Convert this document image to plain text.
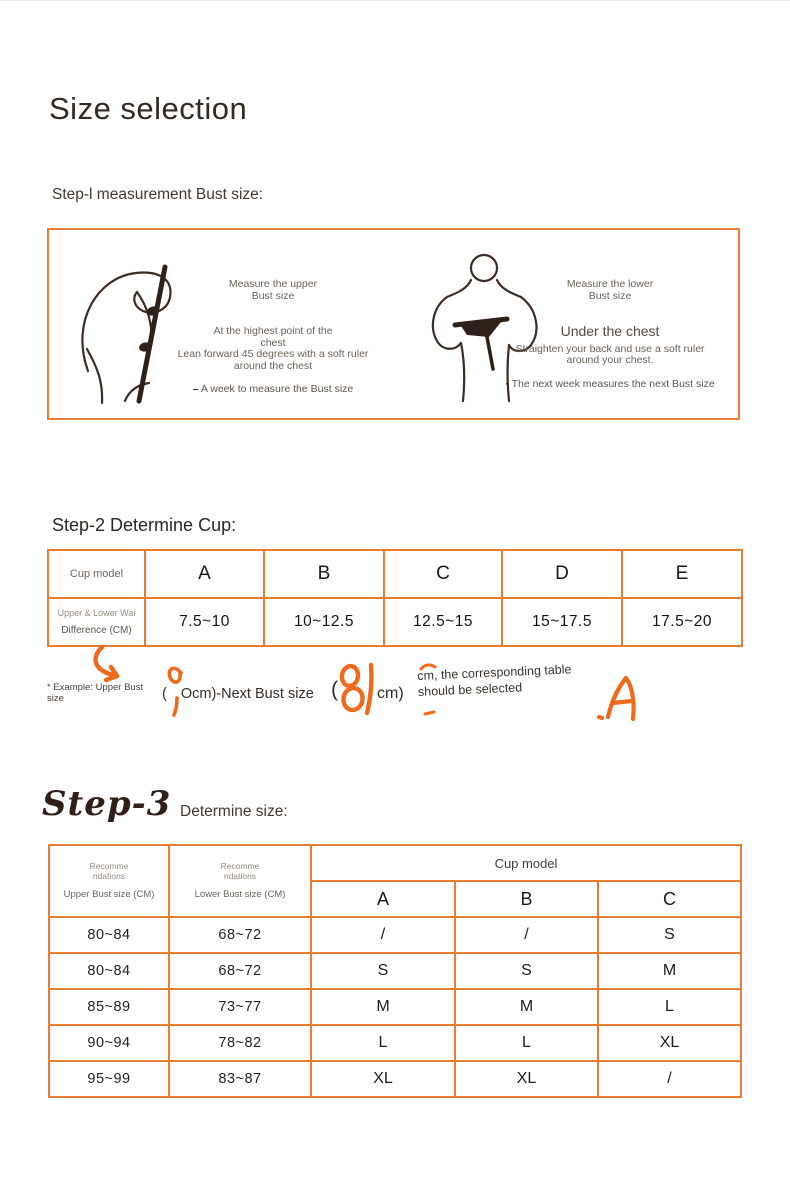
Size selection
Step-l measurement Bust size:
Measure the upper
Bust size
At the highest point of the
chest
Lean forward 45 degrees with a soft ruler
around the chest
– A week to measure the Bust size
Measure the lower
Bust size
Under the chest
Straighten your back and use a soft ruler
around your chest.
· The next week measures the next Bust size
Step-2 Determine Cup:
Cup model	A	B	C	D	E

Upper & Lower Wai
Difference (CM)	7.5~10	10~12.5	12.5~15	15~17.5	17.5~20
* Example: Upper Bust
size	( Ocm)-Next Bust size ( cm)
cm, the corresponding table
should be selected
Step-3 Determine size:
Recomme
ndations
Upper Bust size (CM)

Recomme
ndations
Lower Bust size (CM)
	Cup model
		A	B	C
80~84	68~72	/	/	S
80~84	68~72	S	S	M
85~89	73~77	M	M	L
90~94	78~82	L	L	XL
95~99	83~87	XL	XL	/
